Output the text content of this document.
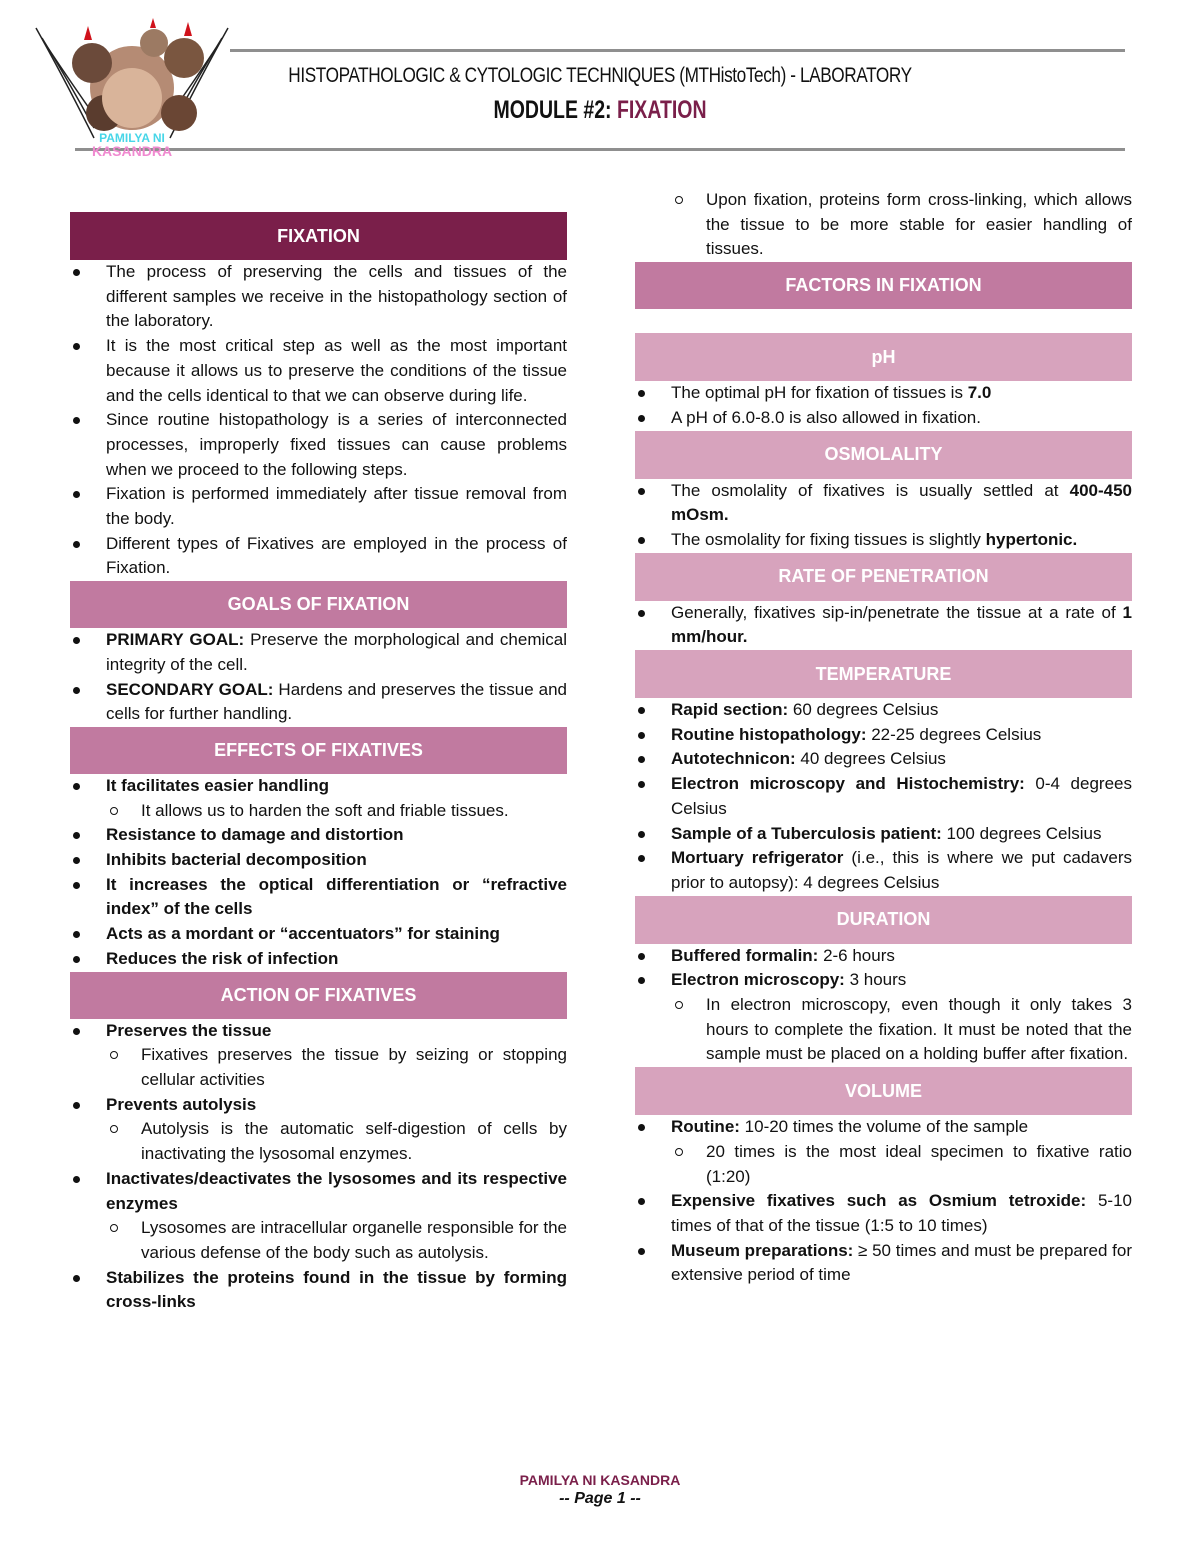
PAMILYA NI
KASANDRA
HISTOPATHOLOGIC & CYTOLOGIC TECHNIQUES (MTHistoTech) - LABORATORY
MODULE #2: FIXATION
FIXATION
The process of preserving the cells and tissues of the different samples we receive in the histopathology section of the laboratory.
It is the most critical step as well as the most important because it allows us to preserve the conditions of the tissue and the cells identical to that we can observe during life.
Since routine histopathology is a series of interconnected processes, improperly fixed tissues can cause problems when we proceed to the following steps.
Fixation is performed immediately after tissue removal from the body.
Different types of Fixatives are employed in the process of Fixation.
GOALS OF FIXATION
PRIMARY GOAL: Preserve the morphological and chemical integrity of the cell.
SECONDARY GOAL: Hardens and preserves the tissue and cells for further handling.
EFFECTS OF FIXATIVES
It facilitates easier handling
It allows us to harden the soft and friable tissues.
Resistance to damage and distortion
Inhibits bacterial decomposition
It increases the optical differentiation or “refractive index” of the cells
Acts as a mordant or “accentuators” for staining
Reduces the risk of infection
ACTION OF FIXATIVES
Preserves the tissue
Fixatives preserves the tissue by seizing or stopping cellular activities
Prevents autolysis
Autolysis is the automatic self-digestion of cells by inactivating the lysosomal enzymes.
Inactivates/deactivates the lysosomes and its respective enzymes
Lysosomes are intracellular organelle responsible for the various defense of the body such as autolysis.
Stabilizes the proteins found in the tissue by forming cross-links
Upon fixation, proteins form cross-linking, which allows the tissue to be more stable for easier handling of tissues.
FACTORS IN FIXATION
pH
The optimal pH for fixation of tissues is 7.0
A pH of 6.0-8.0 is also allowed in fixation.
OSMOLALITY
The osmolality of fixatives is usually settled at 400-450 mOsm.
The osmolality for fixing tissues is slightly hypertonic.
RATE OF PENETRATION
Generally, fixatives sip-in/penetrate the tissue at a rate of 1 mm/hour.
TEMPERATURE
Rapid section: 60 degrees Celsius
Routine histopathology: 22-25 degrees Celsius
Autotechnicon: 40 degrees Celsius
Electron microscopy and Histochemistry: 0-4 degrees Celsius
Sample of a Tuberculosis patient: 100 degrees Celsius
Mortuary refrigerator (i.e., this is where we put cadavers prior to autopsy): 4 degrees Celsius
DURATION
Buffered formalin: 2-6 hours
Electron microscopy: 3 hours
In electron microscopy, even though it only takes 3 hours to complete the fixation. It must be noted that the sample must be placed on a holding buffer after fixation.
VOLUME
Routine: 10-20 times the volume of the sample
20 times is the most ideal specimen to fixative ratio (1:20)
Expensive fixatives such as Osmium tetroxide: 5-10 times of that of the tissue (1:5 to 10 times)
Museum preparations: ≥ 50 times and must be prepared for extensive period of time
PAMILYA NI KASANDRA
-- Page 1 --
